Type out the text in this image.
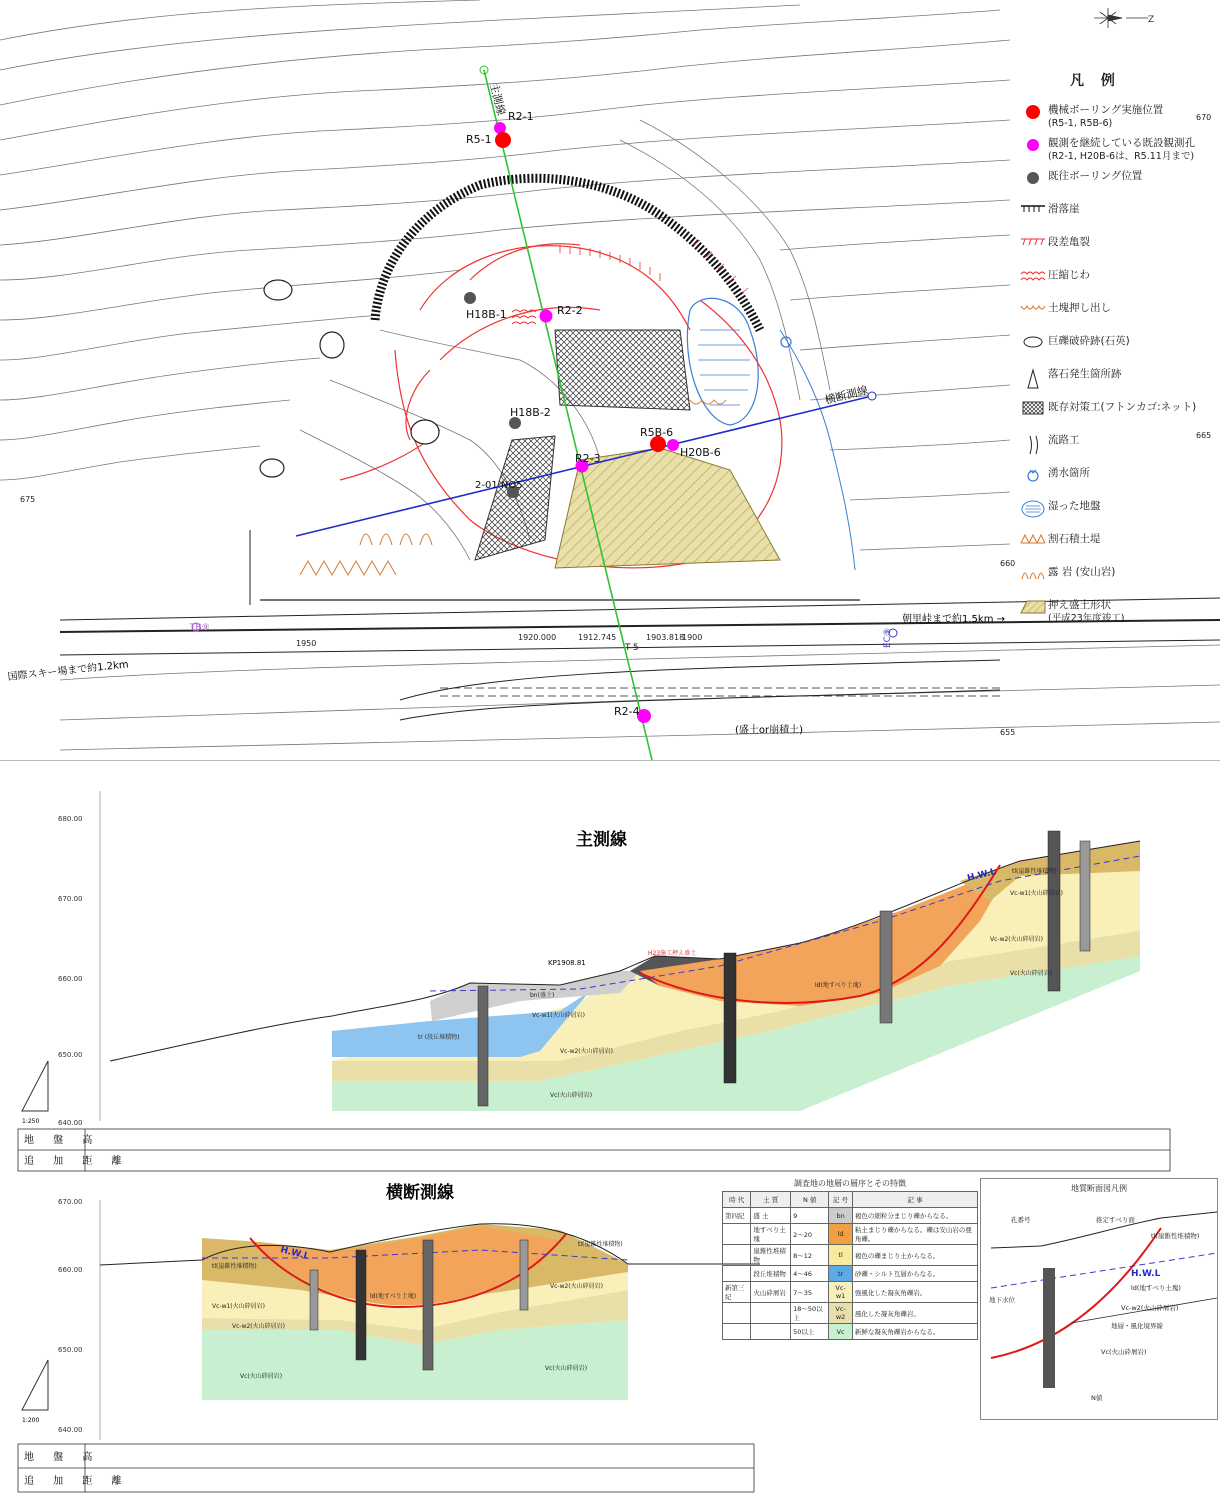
R2-1
R5-1
R2-2
H18B-1
H18B-2
R5B-6
H20B-6
R2-3
2-01 NO5
R2-4
主測線
横断測線
国際スキー場まで約1.2km
朝里峠まで約1.5km →
(盛土or崩積土)
1920.000	1912.745	1903.818
1900
1950	T-5
670
665
660
655
675
EC⑨
TB⑨
Z
凡 例
機械ボーリング実施位置
(R5-1, R5B-6)
観測を継続している既設観測孔
(R2-1, H20B-6は、R5.11月まで)
既往ボーリング位置
滑落崖
段差亀裂
圧縮じわ
土塊押し出し
巨礫破砕跡(石英)
落石発生箇所跡
既存対策工(フトンカゴ:ネット)
流路工
湧水箇所
湿った地盤
割石積土堤
露 岩 (安山岩)
押え盛土形状
(平成23年度竣工)
680.00
670.00
660.00
650.00
640.00
1:250
主測線
H.W.L
KP1908.81
bn(盛土)
tr (段丘堆積物)
Vc-w1(火山砕屑岩)
Vc-w2(火山砕屑岩)
Vc(火山砕屑岩)
ld(地すべり土塊)
tl(崖錐性堆積物)
Vc-w1(火山砕屑岩)
Vc-w2(火山砕屑岩)
Vc(火山砕屑岩)
H23施工押え盛土
地 盤 高
追 加 距 離
670.00
660.00
650.00
640.00
1:200
横断測線
H.W.L
tl(崖錐性堆積物)
tl(崖錐性堆積物)
Vc-w1(火山砕屑岩)
Vc-w2(火山砕屑岩)
Vc(火山砕屑岩)
Vc(火山砕屑岩)
ld(地すべり土塊)
Vc-w2(火山砕屑岩)
地 盤 高
追 加 距 離
調査地の地層の層序とその特徴
時 代	土 質	N 値	記 号	記 事
第四紀	盛 土	9	bn	褐色の細粒分まじり礫からなる。
	地すべり土塊	2〜20	ld	粘土まじり礫からなる。礫は安山岩の亜角礫。
	崖錐性堆積物	8〜12	tl	褐色の礫まじり土からなる。
	段丘堆積物	4〜46	tr	砂礫・シルト互層からなる。
新第三紀	火山砕屑岩	7〜35	Vc-w1	強風化した凝灰角礫岩。
		18〜50以上	Vc-w2	風化した凝灰角礫岩。
		50以上	Vc	新鮮な凝灰角礫岩からなる。
地質断面図凡例
孔番号
H.W.L
推定すべり面
tl(崖錐性堆積物)
ld(地すべり土塊)
Vc-w2(火山砕屑岩)
Vc(火山砕屑岩)
地層・風化境界線
地下水位
N値
